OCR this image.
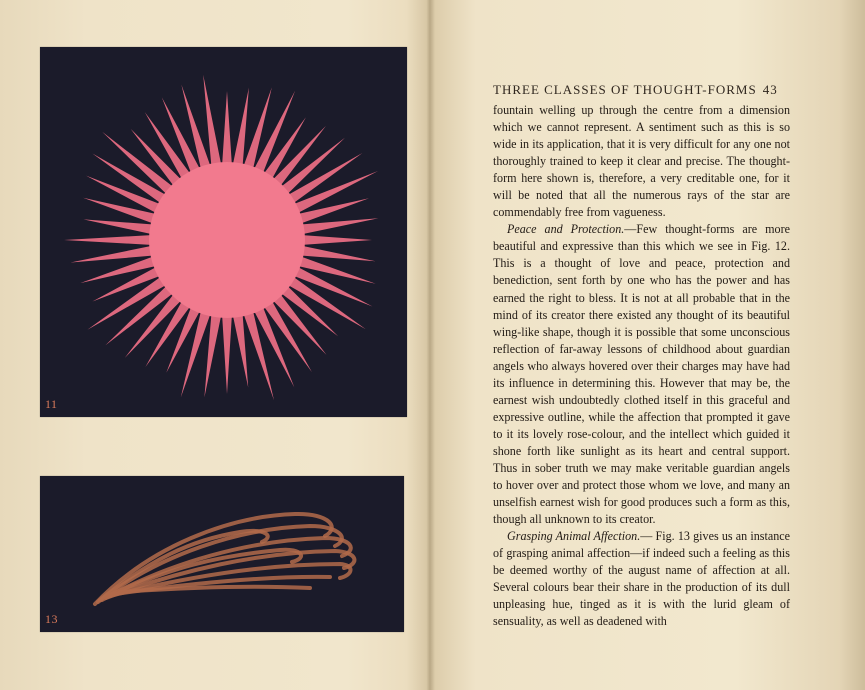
11
13
THREE CLASSES OF THOUGHT-FORMS 43

fountain welling up through the centre from a dimension which we cannot represent. A sentiment such as this is so wide in its application, that it is very difficult for any one not thoroughly trained to keep it clear and precise. The thought-form here shown is, therefore, a very creditable one, for it will be noted that all the numerous rays of the star are commendably free from vagueness.

Peace and Protection.—Few thought-forms are more beautiful and expressive than this which we see in Fig. 12. This is a thought of love and peace, protection and benediction, sent forth by one who has the power and has earned the right to bless. It is not at all probable that in the mind of its creator there existed any thought of its beautiful wing-like shape, though it is possible that some unconscious reflection of far-away lessons of childhood about guardian angels who always hovered over their charges may have had its influence in determining this. However that may be, the earnest wish undoubtedly clothed itself in this graceful and expressive outline, while the affection that prompted it gave to it its lovely rose-colour, and the intellect which guided it shone forth like sunlight as its heart and central support. Thus in sober truth we may make veritable guardian angels to hover over and protect those whom we love, and many an unselfish earnest wish for good produces such a form as this, though all unknown to its creator.

Grasping Animal Affection.— Fig. 13 gives us an instance of grasping animal affection—if indeed such a feeling as this be deemed worthy of the august name of affection at all. Several colours bear their share in the production of its dull unpleasing hue, tinged as it is with the lurid gleam of sensuality, as well as deadened with
